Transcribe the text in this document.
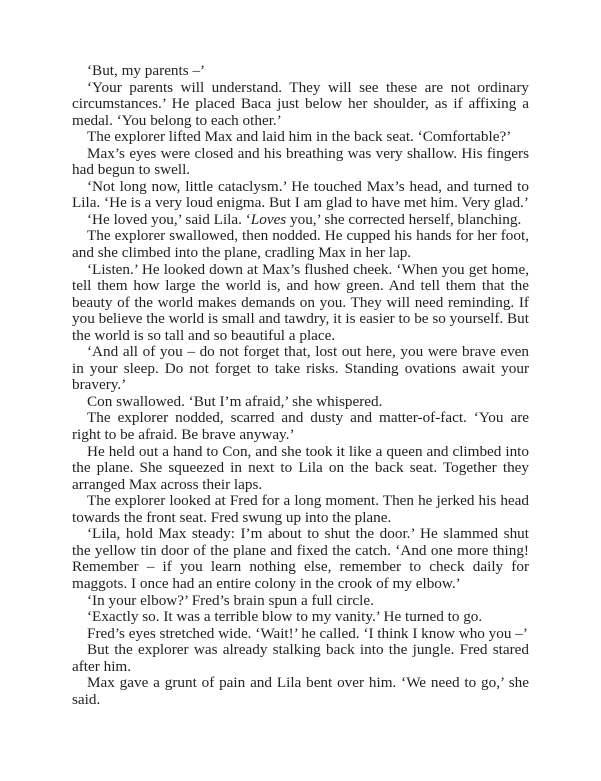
‘But, my parents –’

‘Your parents will understand. They will see these are not ordinary circumstances.’ He placed Baca just below her shoulder, as if affixing a medal. ‘You belong to each other.’

The explorer lifted Max and laid him in the back seat. ‘Comfortable?’

Max’s eyes were closed and his breathing was very shallow. His fingers had begun to swell.

‘Not long now, little cataclysm.’ He touched Max’s head, and turned to Lila. ‘He is a very loud enigma. But I am glad to have met him. Very glad.’

‘He loved you,’ said Lila. ‘Loves you,’ she corrected herself, blanching.

The explorer swallowed, then nodded. He cupped his hands for her foot, and she climbed into the plane, cradling Max in her lap.

‘Listen.’ He looked down at Max’s flushed cheek. ‘When you get home, tell them how large the world is, and how green. And tell them that the beauty of the world makes demands on you. They will need reminding. If you believe the world is small and tawdry, it is easier to be so yourself. But the world is so tall and so beautiful a place.

‘And all of you – do not forget that, lost out here, you were brave even in your sleep. Do not forget to take risks. Standing ovations await your bravery.’

Con swallowed. ‘But I’m afraid,’ she whispered.

The explorer nodded, scarred and dusty and matter-of-fact. ‘You are right to be afraid. Be brave anyway.’

He held out a hand to Con, and she took it like a queen and climbed into the plane. She squeezed in next to Lila on the back seat. Together they arranged Max across their laps.

The explorer looked at Fred for a long moment. Then he jerked his head towards the front seat. Fred swung up into the plane.

‘Lila, hold Max steady: I’m about to shut the door.’ He slammed shut the yellow tin door of the plane and fixed the catch. ‘And one more thing! Remember – if you learn nothing else, remember to check daily for maggots. I once had an entire colony in the crook of my elbow.’

‘In your elbow?’ Fred’s brain spun a full circle.

‘Exactly so. It was a terrible blow to my vanity.’ He turned to go.

Fred’s eyes stretched wide. ‘Wait!’ he called. ‘I think I know who you –’

But the explorer was already stalking back into the jungle. Fred stared after him.

Max gave a grunt of pain and Lila bent over him. ‘We need to go,’ she said.
